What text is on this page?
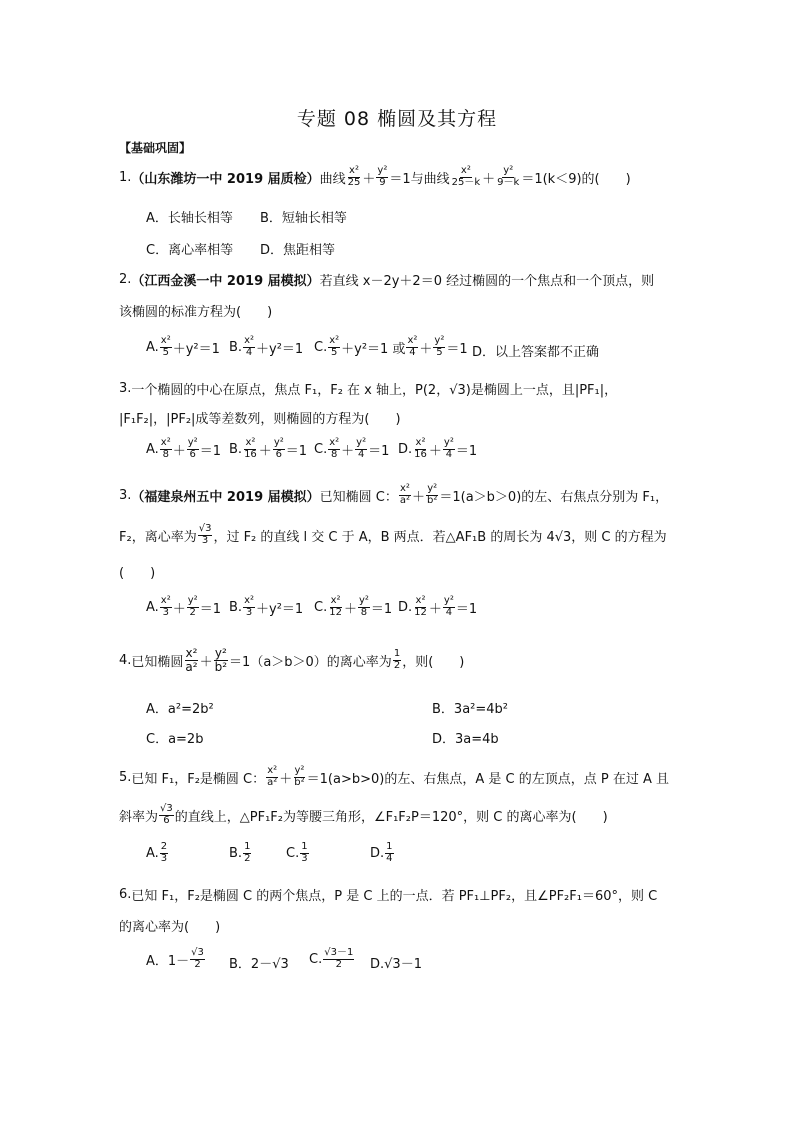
专题 08 椭圆及其方程
【基础巩固】
1. （山东潍坊一中 2019 届质检） 曲线 $\frac{\text{x²}}{25} + \frac{\text{y²}}{9} =1$ 与曲线 $\frac{\text{x²}}{25-k} + \frac{\text{y²}}{9-k} =1(k<9)$的(　　)
A．长轴长相等 B．短轴长相等
C．离心率相等 D．焦距相等
2. （江西金溪一中 2019 届模拟） 若直线 x－2y＋2＝0 经过椭圆的一个焦点和一个顶点，则
该椭圆的标准方程为(　　)
A. $\frac{\text{x²}}{5} +y^2=1$ B. $\frac{\text{x²}}{4} +y^2=1$ C. $\frac{\text{x²}}{5} +y^2=1$ 或 $\frac{\text{x²}}{4} + \frac{\text{y²}}{5} =1$ D．以上答案都不正确
3. 一个椭圆的中心在原点，焦点 F₁，F₂ 在 x 轴上，P(2，√3)是椭圆上一点，且|PF₁|，
|F₁F₂|，|PF₂|成等差数列，则椭圆的方程为(　　)
A. $\frac{\text{x²}}{8} + \frac{\text{y²}}{6} =1$ B. $\frac{\text{x²}}{16} + \frac{\text{y²}}{6} =1$ C. $\frac{\text{x²}}{8} + \frac{\text{y²}}{4} =1$ D. $\frac{\text{x²}}{16} + \frac{\text{y²}}{4} =1$
3. （福建泉州五中 2019 届模拟） 已知椭圆 C： $\frac{\text{x²}}{\text{a²}} + \frac{\text{y²}}{\text{b²}} =1(a>b>0)$的左、右焦点分别为 F₁，
F₂，离心率为 $\frac{√3}{3}$ ，过 F₂ 的直线 l 交 C 于 A，B 两点．若△AF₁B 的周长为 4√3，则 C 的方程为
(　　)
A. $\frac{\text{x²}}{3} + \frac{\text{y²}}{2} =1$ B. $\frac{\text{x²}}{3} +y^2=1$ C. $\frac{\text{x²}}{12} + \frac{\text{y²}}{8} =1$ D. $\frac{\text{x²}}{12} + \frac{\text{y²}}{4} =1$
4. 已知椭圆 $\frac{\text{x²}}{\text{a²}} + \frac{\text{y²}}{\text{b²}} =1(a>b>0)$的离心率为 $\frac{1}{2}$ ，则(　　)
A．a²=2b²	B．3a²=4b²
C．a=2b	D．3a=4b
5. 已知 F₁，F₂是椭圆 C： $\frac{\text{x²}}{\text{a²}} + \frac{\text{y²}}{\text{b²}} =1(a>b>0)$的左、右焦点，A 是 C 的左顶点，点 P 在过 A 且
斜率为 $\frac{√3}{6}$ 的直线上，△PF₁F₂为等腰三角形，∠F₁F₂P＝120°，则 C 的离心率为(　　)
A. $\frac{2}{3}$	B. $\frac{1}{2}$	C. $\frac{1}{3}$	D. $\frac{1}{4}$
6. 已知 F₁，F₂是椭圆 C 的两个焦点，P 是 C 上的一点．若 PF₁⊥PF₂，且∠PF₂F₁＝60°，则 C
的离心率为(　　)
A．$1- \frac{√3}{2}$ B．2－√3 C. $\frac{√3-1}{2} D.√3-1$
